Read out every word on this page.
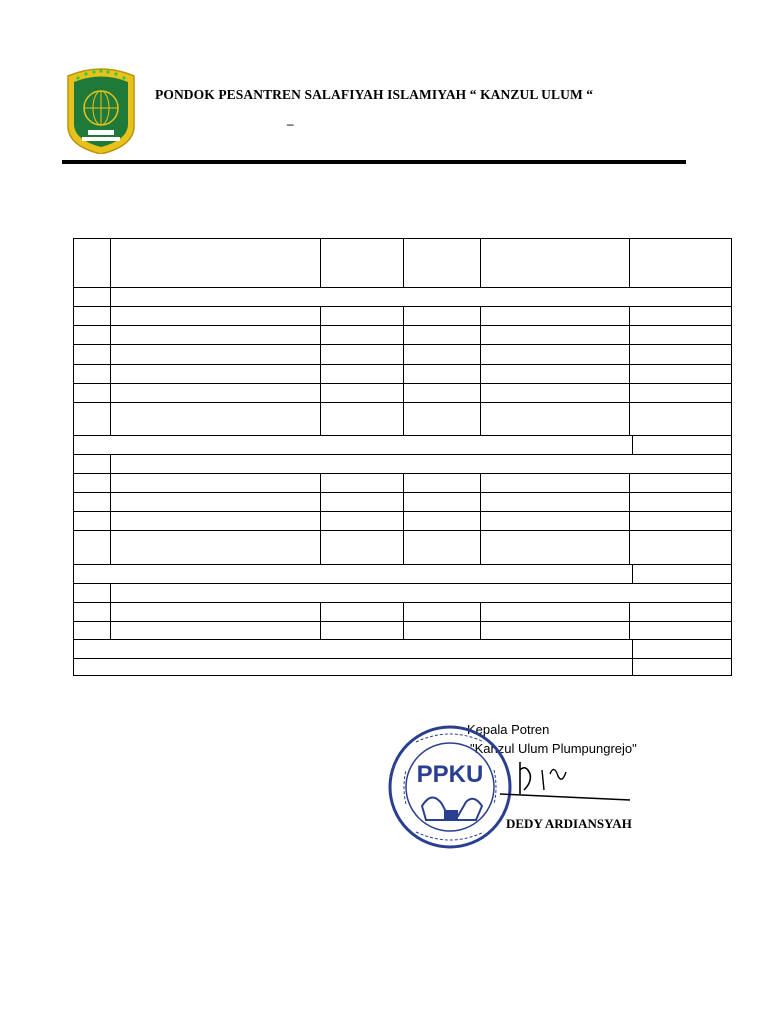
PONDOK PESANTREN SALAFIYAH ISLAMIYAH “ KANZUL ULUM “
–
Kepala Potren
"Kanzul Ulum Plumpungrejo"
PPKU
DEDY ARDIANSYAH
